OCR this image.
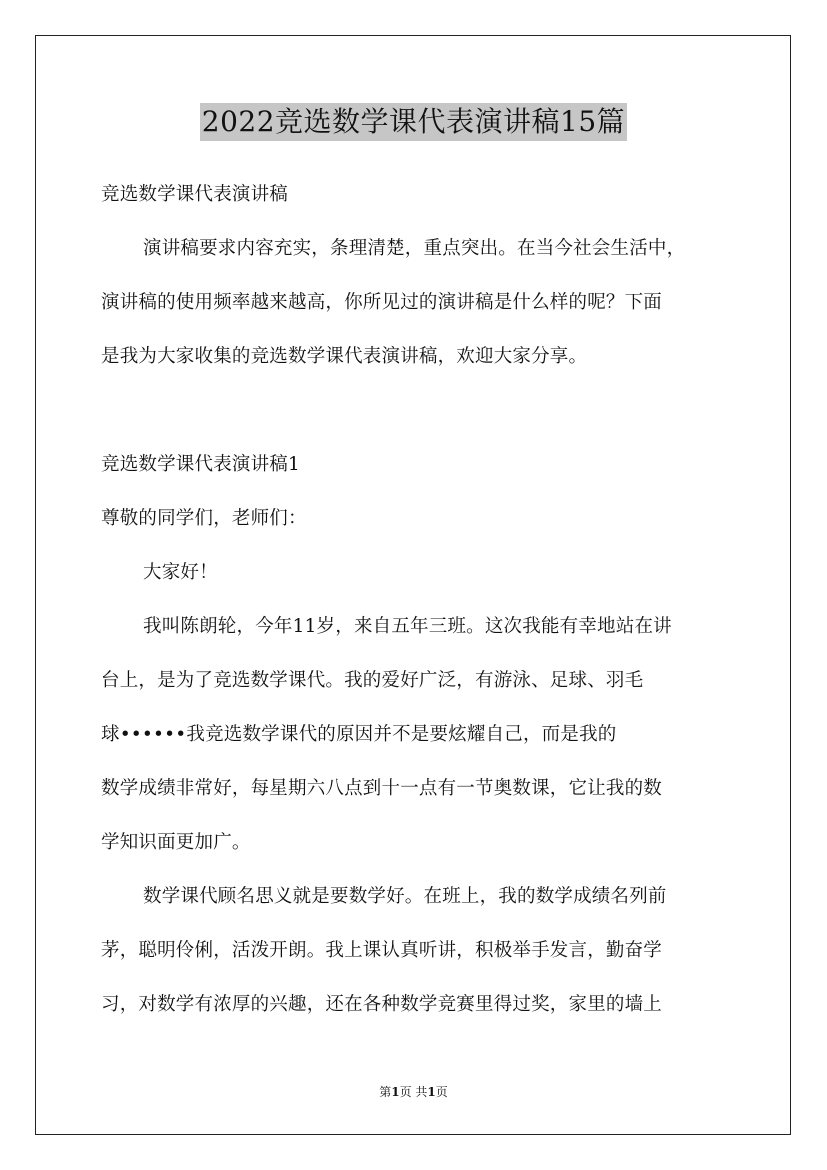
2022竞选数学课代表演讲稿15篇
竞选数学课代表演讲稿
演讲稿要求内容充实，条理清楚，重点突出。在当今社会生活中，
演讲稿的使用频率越来越高，你所见过的演讲稿是什么样的呢？下面
是我为大家收集的竞选数学课代表演讲稿，欢迎大家分享。
竞选数学课代表演讲稿1
尊敬的同学们，老师们：
大家好！
我叫陈朗轮，今年11岁，来自五年三班。这次我能有幸地站在讲
台上，是为了竞选数学课代。我的爱好广泛，有游泳、足球、羽毛
球••••••我竞选数学课代的原因并不是要炫耀自己，而是我的
数学成绩非常好，每星期六八点到十一点有一节奥数课，它让我的数
学知识面更加广。
数学课代顾名思义就是要数学好。在班上，我的数学成绩名列前
茅，聪明伶俐，活泼开朗。我上课认真听讲，积极举手发言，勤奋学
习，对数学有浓厚的兴趣，还在各种数学竞赛里得过奖，家里的墙上
第1页 共1页
